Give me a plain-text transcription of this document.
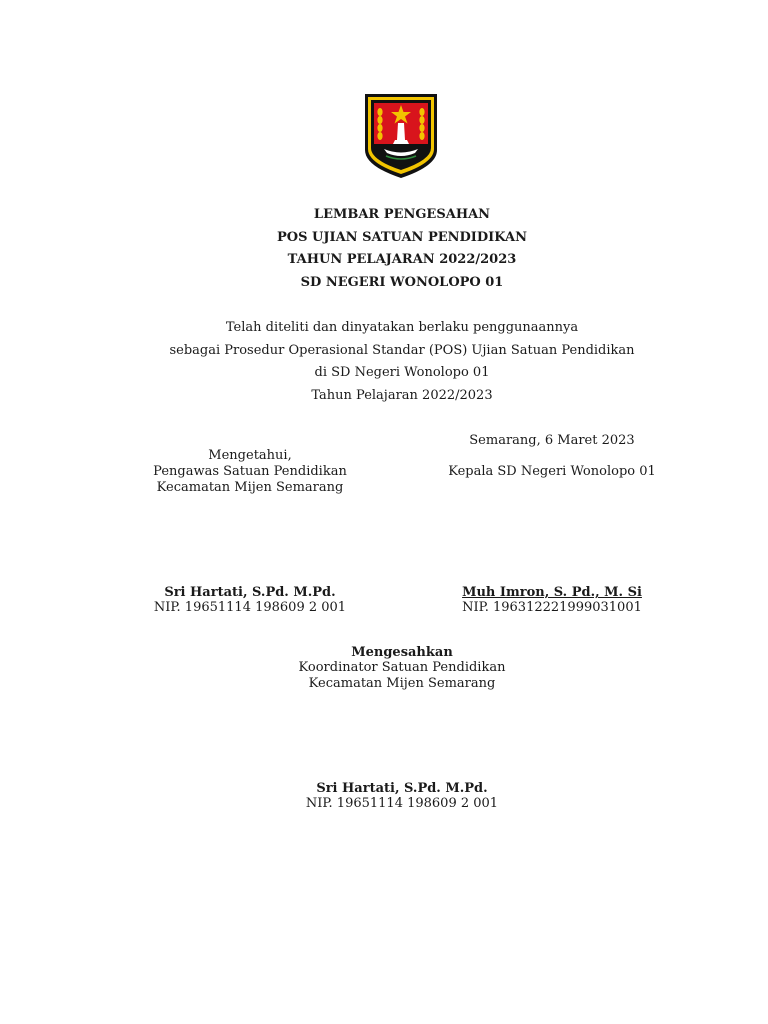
LEMBAR PENGESAHAN
POS UJIAN SATUAN PENDIDIKAN
TAHUN PELAJARAN 2022/2023
SD NEGERI WONOLOPO 01
Telah diteliti dan dinyatakan berlaku penggunaannya
sebagai Prosedur Operasional Standar (POS) Ujian Satuan Pendidikan
di SD Negeri Wonolopo 01
Tahun Pelajaran 2022/2023
Semarang, 6 Maret 2023
Kepala SD Negeri Wonolopo 01
Mengetahui,
Pengawas Satuan Pendidikan
Kecamatan Mijen Semarang
Sri Hartati, S.Pd. M.Pd.
NIP. 19651114 198609 2 001
Muh Imron, S. Pd., M. Si
NIP. 196312221999031001
Mengesahkan
Koordinator Satuan Pendidikan
Kecamatan Mijen Semarang
Sri Hartati, S.Pd. M.Pd.
NIP. 19651114 198609 2 001
